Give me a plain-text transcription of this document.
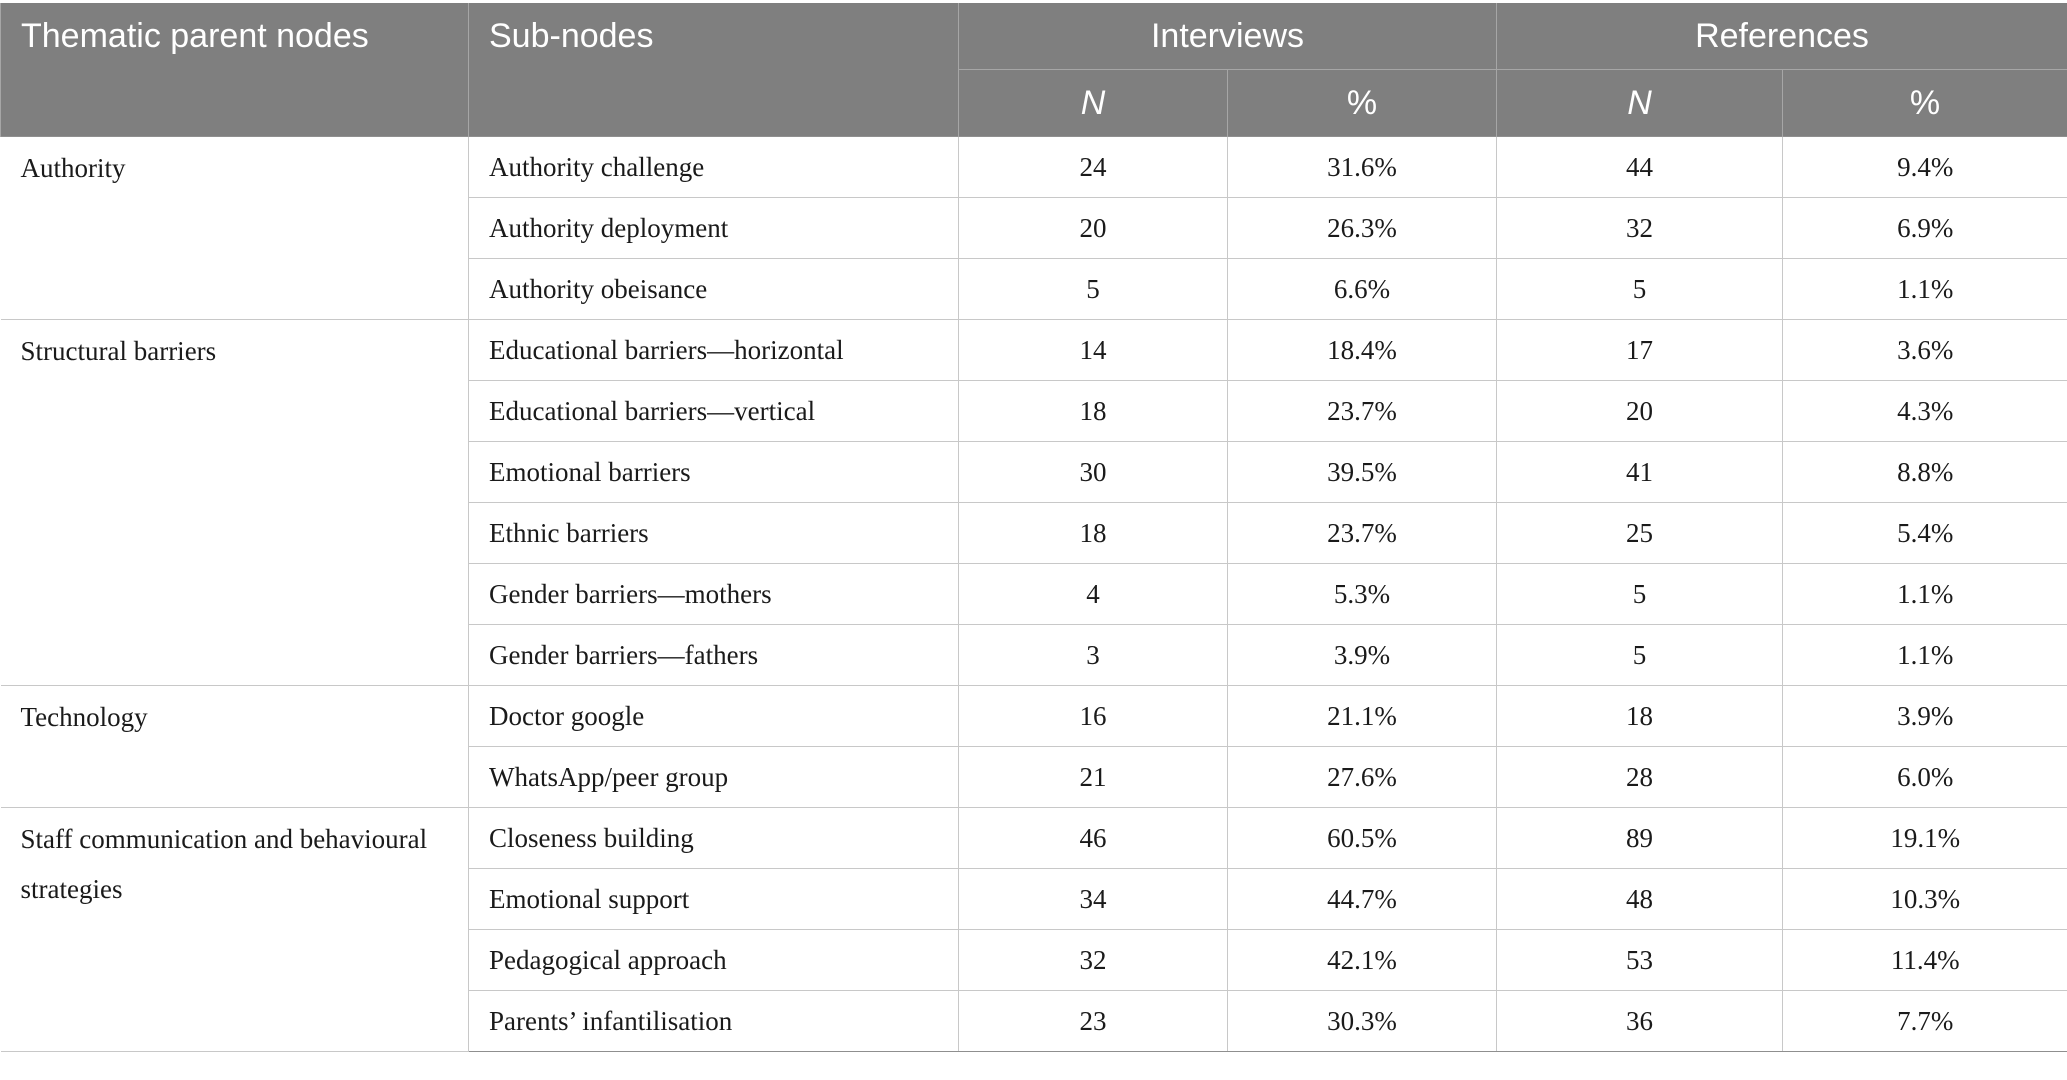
Thematic parent nodes	Sub-nodes	Interviews		References	
		N	%	N	%

Authority	Authority challenge	24	31.6%	44	9.4%
	Authority deployment	20	26.3%	32	6.9%
	Authority obeisance	5	6.6%	5	1.1%

Structural barriers	Educational barriers—horizontal	14	18.4%	17	3.6%
	Educational barriers—vertical	18	23.7%	20	4.3%
	Emotional barriers	30	39.5%	41	8.8%
	Ethnic barriers	18	23.7%	25	5.4%
	Gender barriers—mothers	4	5.3%	5	1.1%
	Gender barriers—fathers	3	3.9%	5	1.1%

Technology	Doctor google	16	21.1%	18	3.9%
	WhatsApp/peer group	21	27.6%	28	6.0%

Staff communication and behavioural strategies	Closeness building	46	60.5%	89	19.1%
	Emotional support	34	44.7%	48	10.3%
	Pedagogical approach	32	42.1%	53	11.4%
	Parents’ infantilisation	23	30.3%	36	7.7%
